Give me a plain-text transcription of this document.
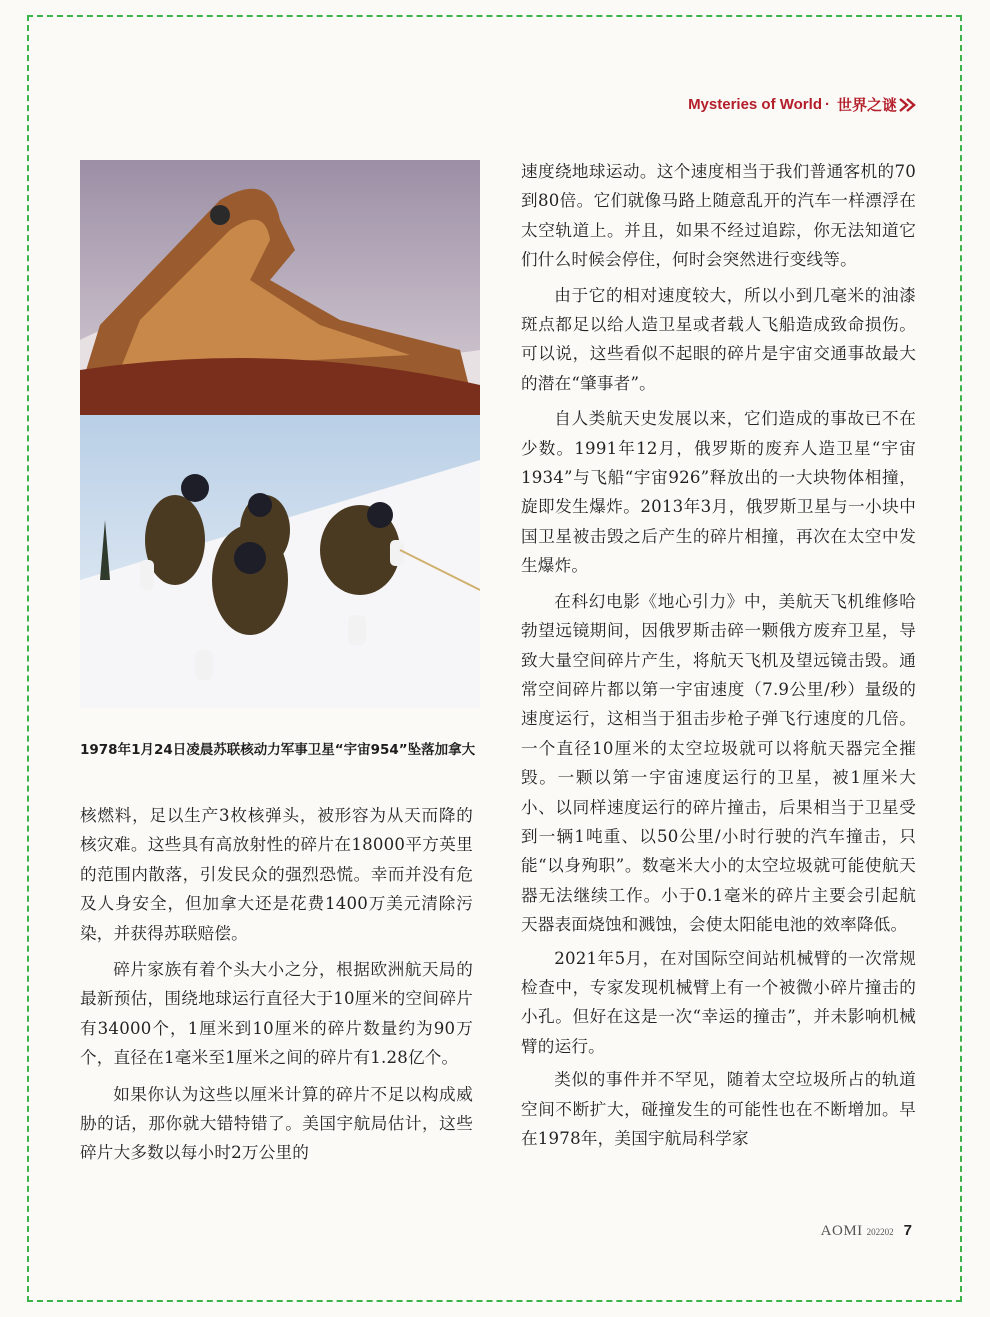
Mysteries of World · 世界之谜
1978年1月24日凌晨苏联核动力军事卫星“宇宙954”坠落加拿大

核燃料，足以生产3枚核弹头，被形容为从天而降的核灾难。这些具有高放射性的碎片在18000平方英里的范围内散落，引发民众的强烈恐慌。幸而并没有危及人身安全，但加拿大还是花费1400万美元清除污染，并获得苏联赔偿。

碎片家族有着个头大小之分，根据欧洲航天局的最新预估，围绕地球运行直径大于10厘米的空间碎片有34000个，1厘米到10厘米的碎片数量约为90万个，直径在1毫米至1厘米之间的碎片有1.28亿个。

如果你认为这些以厘米计算的碎片不足以构成威胁的话，那你就大错特错了。美国宇航局估计，这些碎片大多数以每小时2万公里的

速度绕地球运动。这个速度相当于我们普通客机的70到80倍。它们就像马路上随意乱开的汽车一样漂浮在太空轨道上。并且，如果不经过追踪，你无法知道它们什么时候会停住，何时会突然进行变线等。

由于它的相对速度较大，所以小到几毫米的油漆斑点都足以给人造卫星或者载人飞船造成致命损伤。可以说，这些看似不起眼的碎片是宇宙交通事故最大的潜在“肇事者”。

自人类航天史发展以来，它们造成的事故已不在少数。1991年12月，俄罗斯的废弃人造卫星“宇宙1934”与飞船“宇宙926”释放出的一大块物体相撞，旋即发生爆炸。2013年3月，俄罗斯卫星与一小块中国卫星被击毁之后产生的碎片相撞，再次在太空中发生爆炸。

在科幻电影《地心引力》中，美航天飞机维修哈勃望远镜期间，因俄罗斯击碎一颗俄方废弃卫星，导致大量空间碎片产生，将航天飞机及望远镜击毁。通常空间碎片都以第一宇宙速度（7.9公里/秒）量级的速度运行，这相当于狙击步枪子弹飞行速度的几倍。一个直径10厘米的太空垃圾就可以将航天器完全摧毁。一颗以第一宇宙速度运行的卫星，被1厘米大小、以同样速度运行的碎片撞击，后果相当于卫星受到一辆1吨重、以50公里/小时行驶的汽车撞击，只能“以身殉职”。数毫米大小的太空垃圾就可能使航天器无法继续工作。小于0.1毫米的碎片主要会引起航天器表面烧蚀和溅蚀，会使太阳能电池的效率降低。

2021年5月，在对国际空间站机械臂的一次常规检查中，专家发现机械臂上有一个被微小碎片撞击的小孔。但好在这是一次“幸运的撞击”，并未影响机械臂的运行。

类似的事件并不罕见，随着太空垃圾所占的轨道空间不断扩大，碰撞发生的可能性也在不断增加。早在1978年，美国宇航局科学家

AOMI 202202 7
